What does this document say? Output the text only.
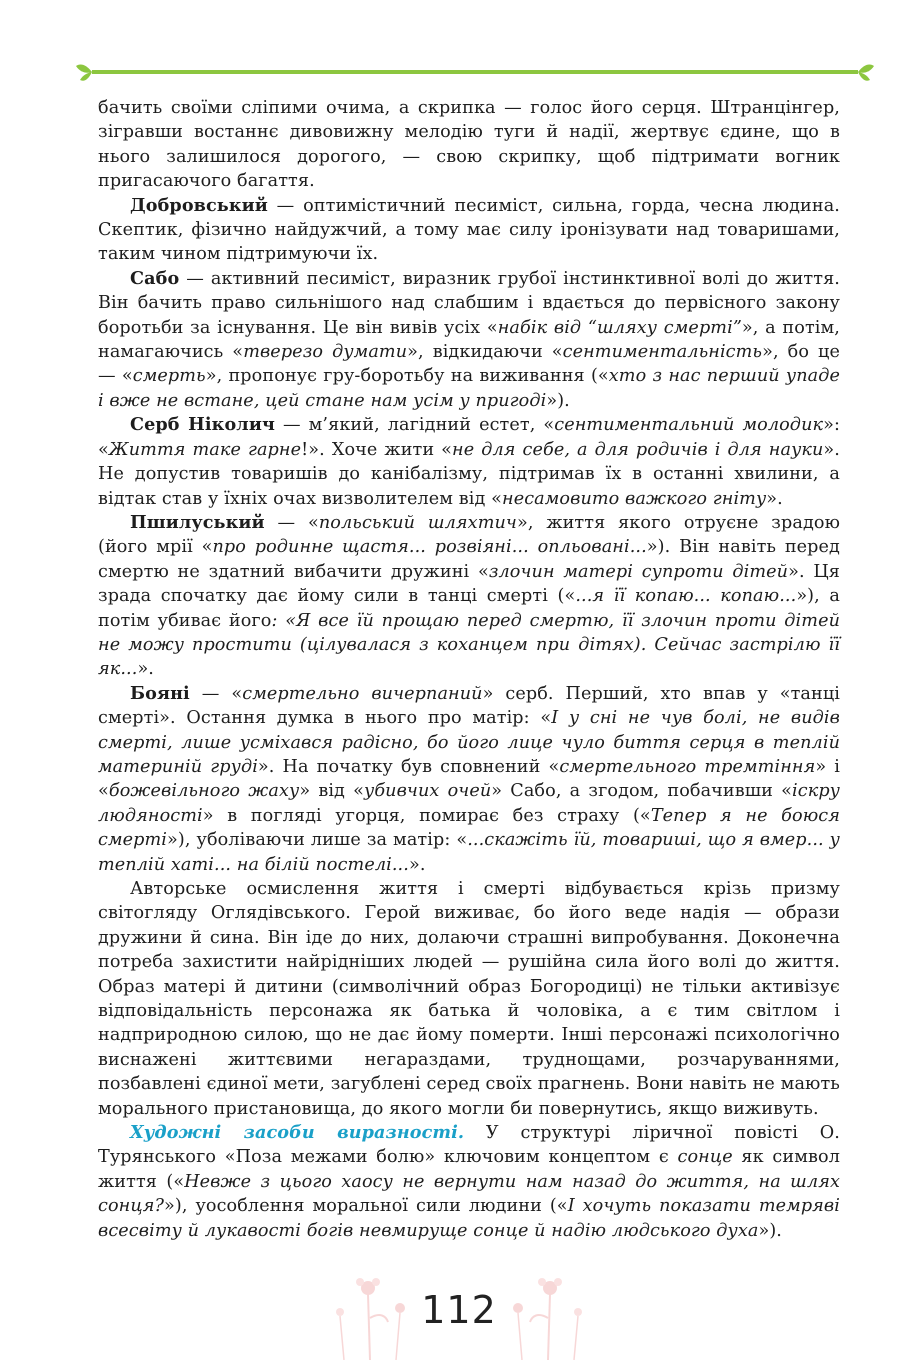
бачить своїми сліпими очима, а скрипка — голос його серця. Штранцінгер, зігравши востаннє дивовижну мелодію туги й надії, жертвує єдине, що в нього залишилося дорогого, — свою скрипку, щоб підтримати вогник пригасаючого багаття.

Добровський — оптимістичний песиміст, сильна, горда, чесна людина. Скептик, фізично найдужчий, а тому має силу іронізувати над товаришами, таким чином підтримуючи їх.

Сабо — активний песиміст, виразник грубої інстинктивної волі до життя. Він бачить право сильнішого над слабшим і вдається до первісного закону боротьби за існування. Це він вивів усіх «набік від “шляху смерті”», а потім, намагаючись «тверезо думати», відкидаючи «сентиментальність», бо це — «смерть», пропонує гру-боротьбу на виживання («хто з нас перший упаде і вже не встане, цей стане нам усім у пригоді»).

Серб Ніколич — м’який, лагідний естет, «сентиментальний молодик»: «Життя таке гарне!». Хоче жити «не для себе, а для родичів і для науки». Не допустив товаришів до канібалізму, підтримав їх в останні хвилини, а відтак став у їхніх очах визволителем від «несамовито важкого гніту».

Пшилуський — «польський шляхтич», життя якого отруєне зрадою (його мрії «про родинне щастя... розвіяні... опльовані...»). Він навіть перед смертю не здатний вибачити дружині «злочин матері супроти дітей». Ця зрада спочатку дає йому сили в танці смерті («...я її копаю... копаю...»), а потім убиває його: «Я все їй прощаю перед смертю, її злочин проти дітей не можу простити (цілувалася з коханцем при дітях). Сейчас застрілю її як...».

Бояні — «смертельно вичерпаний» серб. Перший, хто впав у «танці смерті». Остання думка в нього про матір: «І у сні не чув болі, не видів смерті, лише усміхався радісно, бо його лице чуло биття серця в теплій материній груді». На початку був сповнений «смертельного тремтіння» і «божевільного жаху» від «убивчих очей» Сабо, а згодом, побачивши «іскру людяності» в погляді угорця, помирає без страху («Тепер я не боюся смерті»), уболіваючи лише за матір: «...скажіть їй, товариші, що я вмер... у теплій хаті... на білій постелі...».

Авторське осмислення життя і смерті відбувається крізь призму світогляду Оглядівського. Герой виживає, бо його веде надія — образи дружини й сина. Він іде до них, долаючи страшні випробування. Доконечна потреба захистити найрідніших людей — рушійна сила його волі до життя. Образ матері й дитини (символічний образ Богородиці) не тільки активізує відповідальність персонажа як батька й чоловіка, а є тим світлом і надприродною силою, що не дає йому померти. Інші персонажі психологічно виснажені життєвими негараздами, труднощами, розчаруваннями, позбавлені єдиної мети, загублені серед своїх прагнень. Вони навіть не мають морального пристановища, до якого могли би повернутись, якщо виживуть.

Художні засоби виразності. У структурі ліричної повісті О. Турянського «Поза межами болю» ключовим концептом є сонце як символ життя («Невже з цього хаосу не вернути нам назад до життя, на шлях сонця?»), уособлення моральної сили людини («І хочуть показати темряві всесвіту й лукавості богів невмируще сонце й надію людського духа»).

112
